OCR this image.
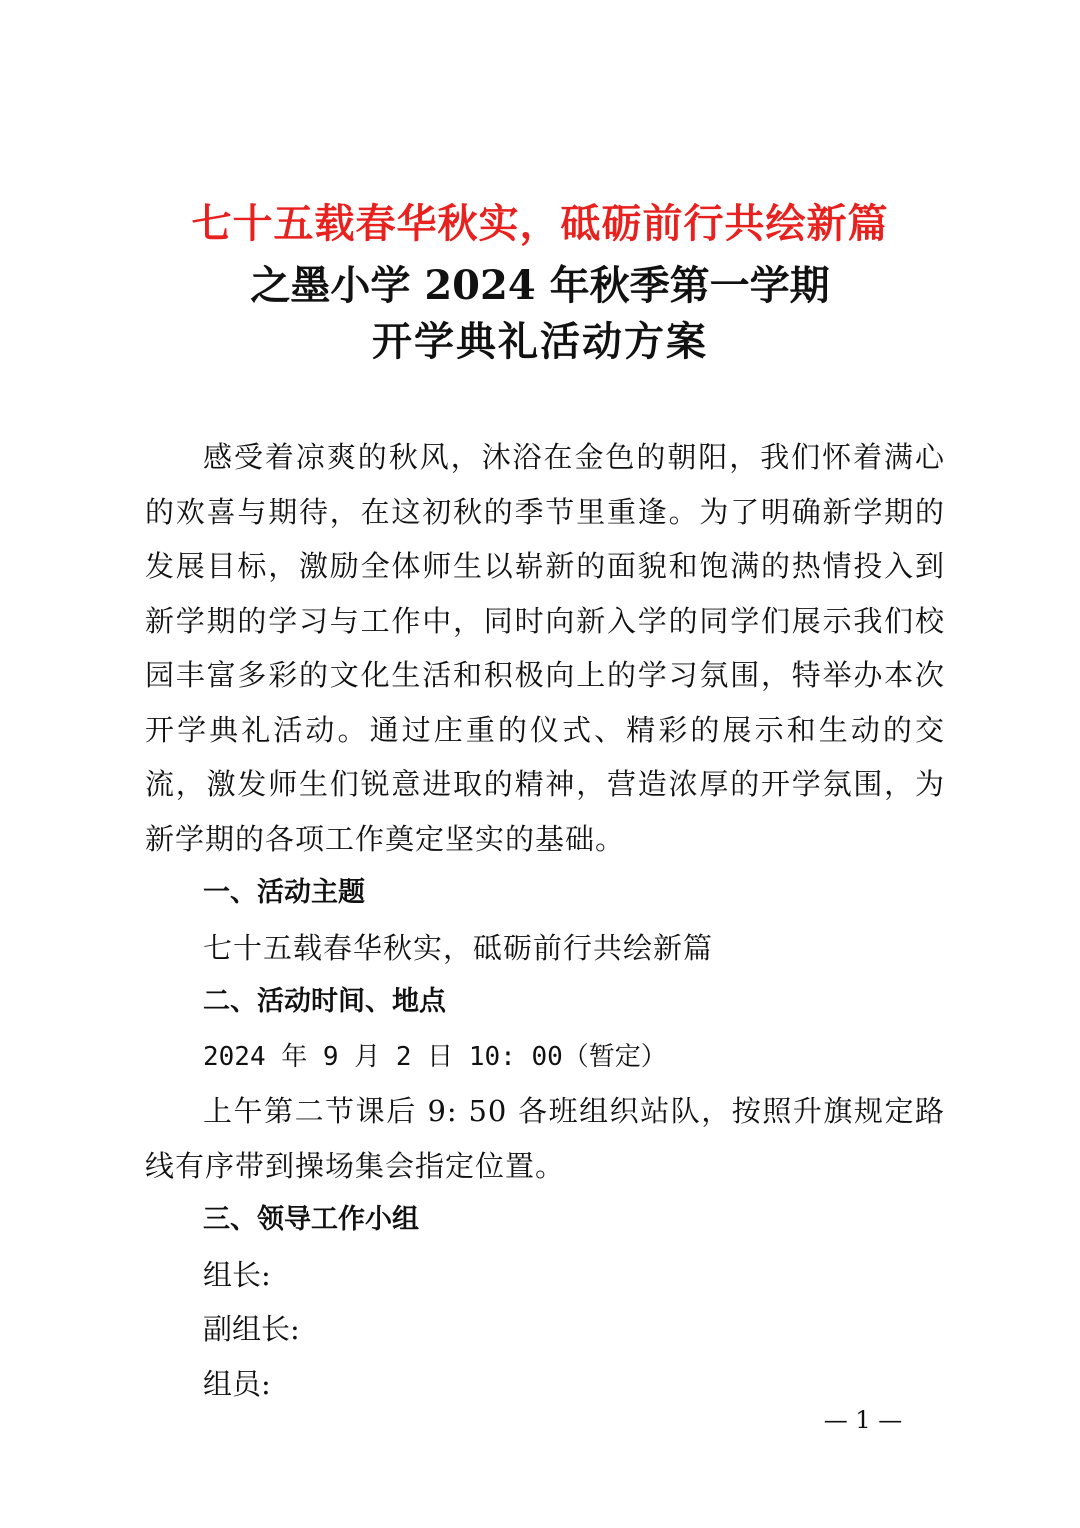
七十五载春华秋实，砥砺前行共绘新篇
之墨小学 2024 年秋季第一学期
开学典礼活动方案

感受着凉爽的秋风，沐浴在金色的朝阳，我们怀着满心的欢喜与期待，在这初秋的季节里重逢。为了明确新学期的发展目标，激励全体师生以崭新的面貌和饱满的热情投入到新学期的学习与工作中，同时向新入学的同学们展示我们校园丰富多彩的文化生活和积极向上的学习氛围，特举办本次开学典礼活动。通过庄重的仪式、精彩的展示和生动的交流，激发师生们锐意进取的精神，营造浓厚的开学氛围，为新学期的各项工作奠定坚实的基础。

一、活动主题

七十五载春华秋实，砥砺前行共绘新篇

二、活动时间、地点

2024 年 9 月 2 日 10: 00（暂定）

上午第二节课后 9: 50 各班组织站队，按照升旗规定路线有序带到操场集会指定位置。

三、领导工作小组

组长:

副组长:

组员:

— 1 —
